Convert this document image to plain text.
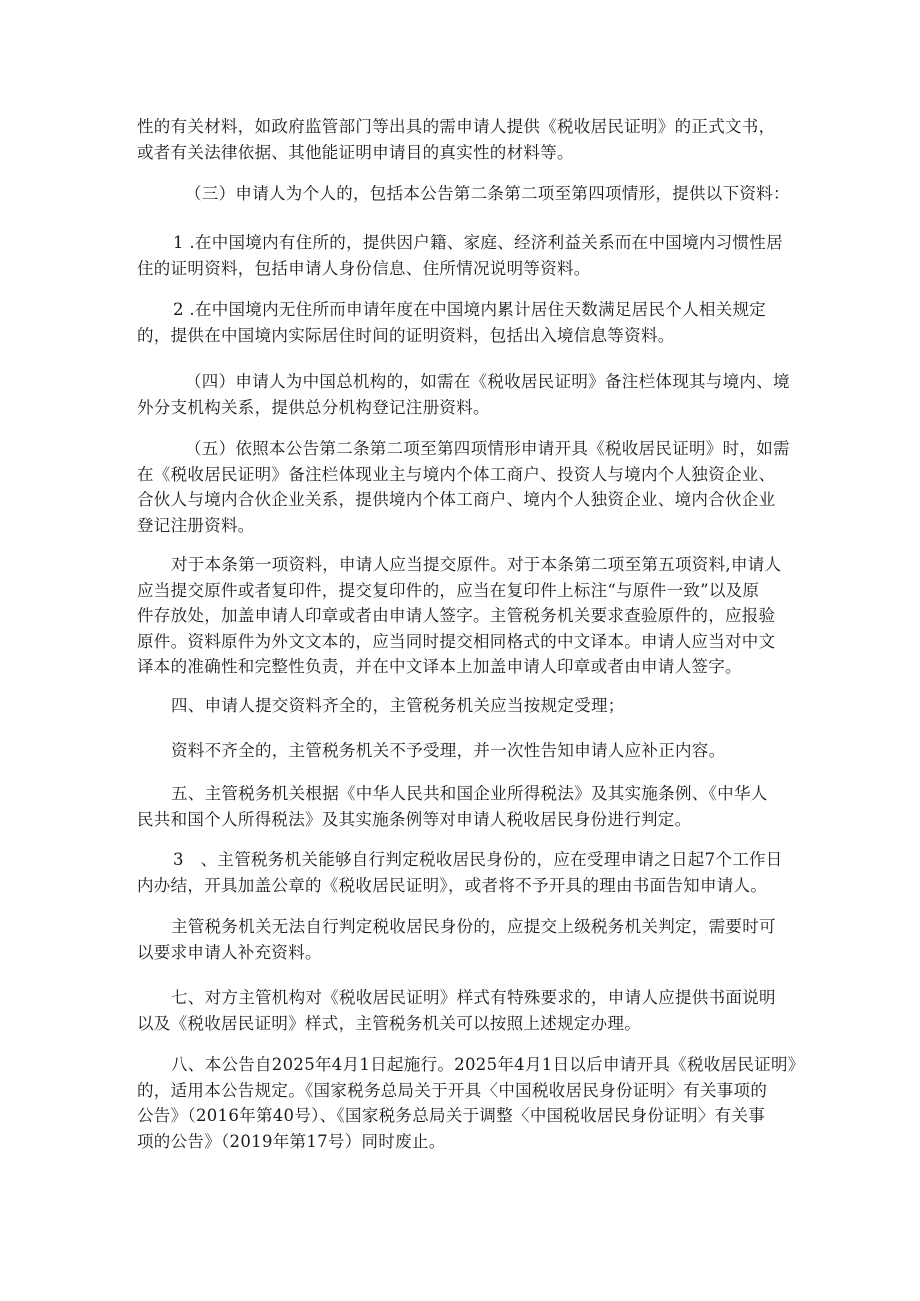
性的有关材料，如政府监管部门等出具的需申请人提供《税收居民证明》的正式文书，
或者有关法律依据、其他能证明申请目的真实性的材料等。
（三）申请人为个人的，包括本公告第二条第二项至第四项情形，提供以下资料：
1 .在中国境内有住所的，提供因户籍、家庭、经济利益关系而在中国境内习惯性居
住的证明资料，包括申请人身份信息、住所情况说明等资料。
2 .在中国境内无住所而申请年度在中国境内累计居住天数满足居民个人相关规定
的，提供在中国境内实际居住时间的证明资料，包括出入境信息等资料。
（四）申请人为中国总机构的，如需在《税收居民证明》备注栏体现其与境内、境
外分支机构关系，提供总分机构登记注册资料。
（五）依照本公告第二条第二项至第四项情形申请开具《税收居民证明》时，如需
在《税收居民证明》备注栏体现业主与境内个体工商户、投资人与境内个人独资企业、
合伙人与境内合伙企业关系，提供境内个体工商户、境内个人独资企业、境内合伙企业
登记注册资料。
对于本条第一项资料，申请人应当提交原件。对于本条第二项至第五项资料,申请人
应当提交原件或者复印件，提交复印件的，应当在复印件上标注“与原件一致”以及原
件存放处，加盖申请人印章或者由申请人签字。主管税务机关要求查验原件的，应报验
原件。资料原件为外文文本的，应当同时提交相同格式的中文译本。申请人应当对中文
译本的准确性和完整性负责，并在中文译本上加盖申请人印章或者由申请人签字。
四、申请人提交资料齐全的，主管税务机关应当按规定受理；
资料不齐全的，主管税务机关不予受理，并一次性告知申请人应补正内容。
五、主管税务机关根据《中华人民共和国企业所得税法》及其实施条例、《中华人
民共和国个人所得税法》及其实施条例等对申请人税收居民身份进行判定。
3　、主管税务机关能够自行判定税收居民身份的，应在受理申请之日起7个工作日
内办结，开具加盖公章的《税收居民证明》，或者将不予开具的理由书面告知申请人。
主管税务机关无法自行判定税收居民身份的，应提交上级税务机关判定，需要时可
以要求申请人补充资料。
七、对方主管机构对《税收居民证明》样式有特殊要求的，申请人应提供书面说明
以及《税收居民证明》样式，主管税务机关可以按照上述规定办理。
八、本公告自2025年4月1日起施行。2025年4月1日以后申请开具《税收居民证明》
的，适用本公告规定。《国家税务总局关于开具〈中国税收居民身份证明〉有关事项的
公告》（2016年第40号）、《国家税务总局关于调整〈中国税收居民身份证明〉有关事
项的公告》（2019年第17号）同时废止。
